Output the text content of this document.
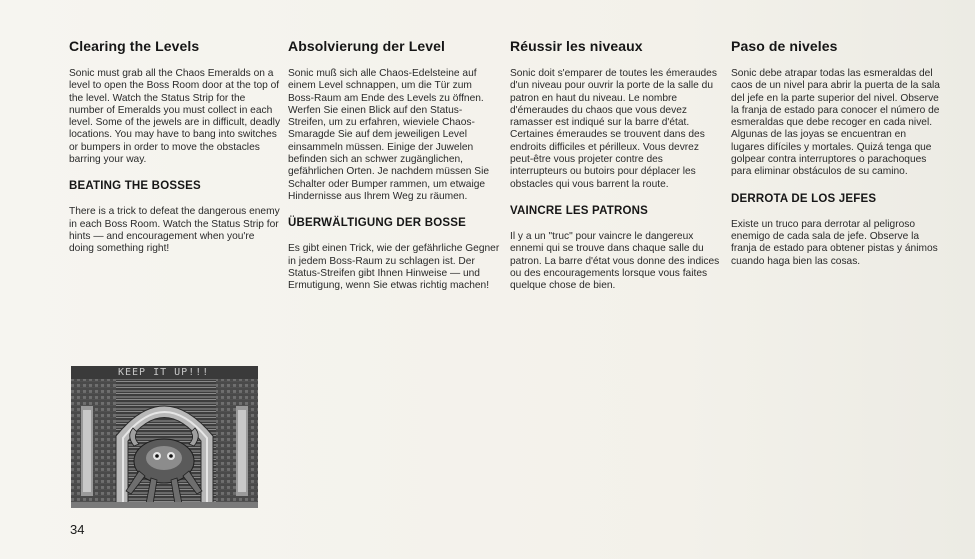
Clearing the Levels

Sonic must grab all the Chaos Emeralds on a level to open the Boss Room door at the top of the level. Watch the Status Strip for the number of Emeralds you must collect in each level. Some of the jewels are in difficult, deadly locations. You may have to bang into switches or bumpers in order to move the obstacles barring your way.

BEATING THE BOSSES

There is a trick to defeat the dangerous enemy in each Boss Room. Watch the Status Strip for hints — and encouragement when you're doing something right!

Absolvierung der Level

Sonic muß sich alle Chaos-Edelsteine auf einem Level schnappen, um die Tür zum Boss-Raum am Ende des Levels zu öffnen. Werfen Sie einen Blick auf den Status-Streifen, um zu erfahren, wieviele Chaos-Smaragde Sie auf dem jeweiligen Level einsammeln müssen. Einige der Juwelen befinden sich an schwer zugänglichen, gefährlichen Orten. Je nachdem müssen Sie Schalter oder Bumper rammen, um etwaige Hindernisse aus Ihrem Weg zu räumen.

ÜBERWÄLTIGUNG DER BOSSE

Es gibt einen Trick, wie der gefährliche Gegner in jedem Boss-Raum zu schlagen ist. Der Status-Streifen gibt Ihnen Hinweise — und Ermutigung, wenn Sie etwas richtig machen!

Réussir les niveaux

Sonic doit s'emparer de toutes les émeraudes d'un niveau pour ouvrir la porte de la salle du patron en haut du niveau. Le nombre d'émeraudes du chaos que vous devez ramasser est indiqué sur la barre d'état. Certaines émeraudes se trouvent dans des endroits difficiles et périlleux. Vous devrez peut-être vous projeter contre des interrupteurs ou butoirs pour déplacer les obstacles qui vous barrent la route.

VAINCRE LES PATRONS

Il y a un "truc" pour vaincre le dangereux ennemi qui se trouve dans chaque salle du patron. La barre d'état vous donne des indices ou des encouragements lorsque vous faites quelque chose de bien.

Paso de niveles

Sonic debe atrapar todas las esmeraldas del caos de un nivel para abrir la puerta de la sala del jefe en la parte superior del nivel. Observe la franja de estado para conocer el número de esmeraldas que debe recoger en cada nivel. Algunas de las joyas se encuentran en lugares difíciles y mortales. Quizá tenga que golpear contra interruptores o parachoques para eliminar obstáculos de su camino.

DERROTA DE LOS JEFES

Existe un truco para derrotar al peligroso enemigo de cada sala de jefe. Observe la franja de estado para obtener pistas y ánimos cuando haga bien las cosas.

KEEP IT UP!!!
34
